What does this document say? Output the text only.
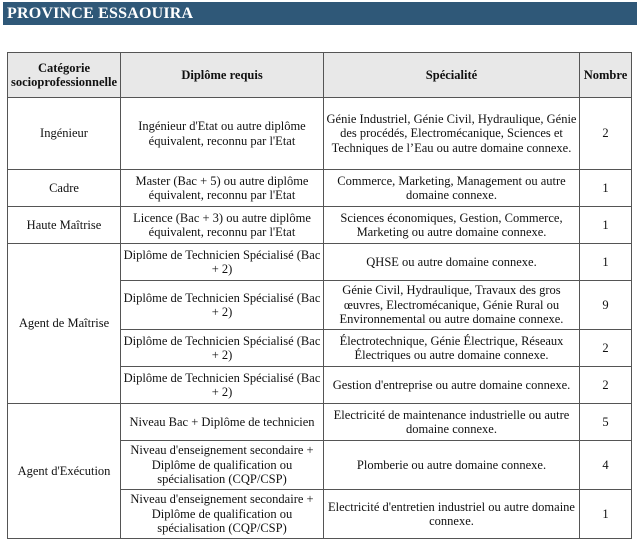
PROVINCE ESSAOUIRA
Catégorie socioprofessionnelle	Diplôme requis	Spécialité	Nombre
Ingénieur	Ingénieur d'Etat ou autre diplôme équivalent, reconnu par l'Etat	Génie Industriel, Génie Civil, Hydraulique, Génie des procédés, Electromécanique, Sciences et Techniques de l’Eau ou autre domaine connexe.	2
Cadre	Master (Bac + 5) ou autre diplôme équivalent, reconnu par l'Etat	Commerce, Marketing, Management ou autre domaine connexe.	1
Haute Maîtrise	Licence (Bac + 3) ou autre diplôme équivalent, reconnu par l'Etat	Sciences économiques, Gestion, Commerce, Marketing ou autre domaine connexe.	1
Agent de Maîtrise	Diplôme de Technicien Spécialisé (Bac + 2)	QHSE ou autre domaine connexe.	1
	Diplôme de Technicien Spécialisé (Bac + 2)	Génie Civil, Hydraulique, Travaux des gros œuvres, Electromécanique, Génie Rural ou Environnemental ou autre domaine connexe.	9
	Diplôme de Technicien Spécialisé (Bac + 2)	Électrotechnique, Génie Électrique, Réseaux Électriques ou autre domaine connexe.	2
	Diplôme de Technicien Spécialisé (Bac + 2)	Gestion d'entreprise ou autre domaine connexe.	2
Agent d'Exécution	Niveau Bac + Diplôme de technicien	Electricité de maintenance industrielle ou autre domaine connexe.	5
	Niveau d'enseignement secondaire + Diplôme de qualification ou spécialisation (CQP/CSP)	Plomberie ou autre domaine connexe.	4
	Niveau d'enseignement secondaire + Diplôme de qualification ou spécialisation (CQP/CSP)	Electricité d'entretien industriel ou autre domaine connexe.	1
